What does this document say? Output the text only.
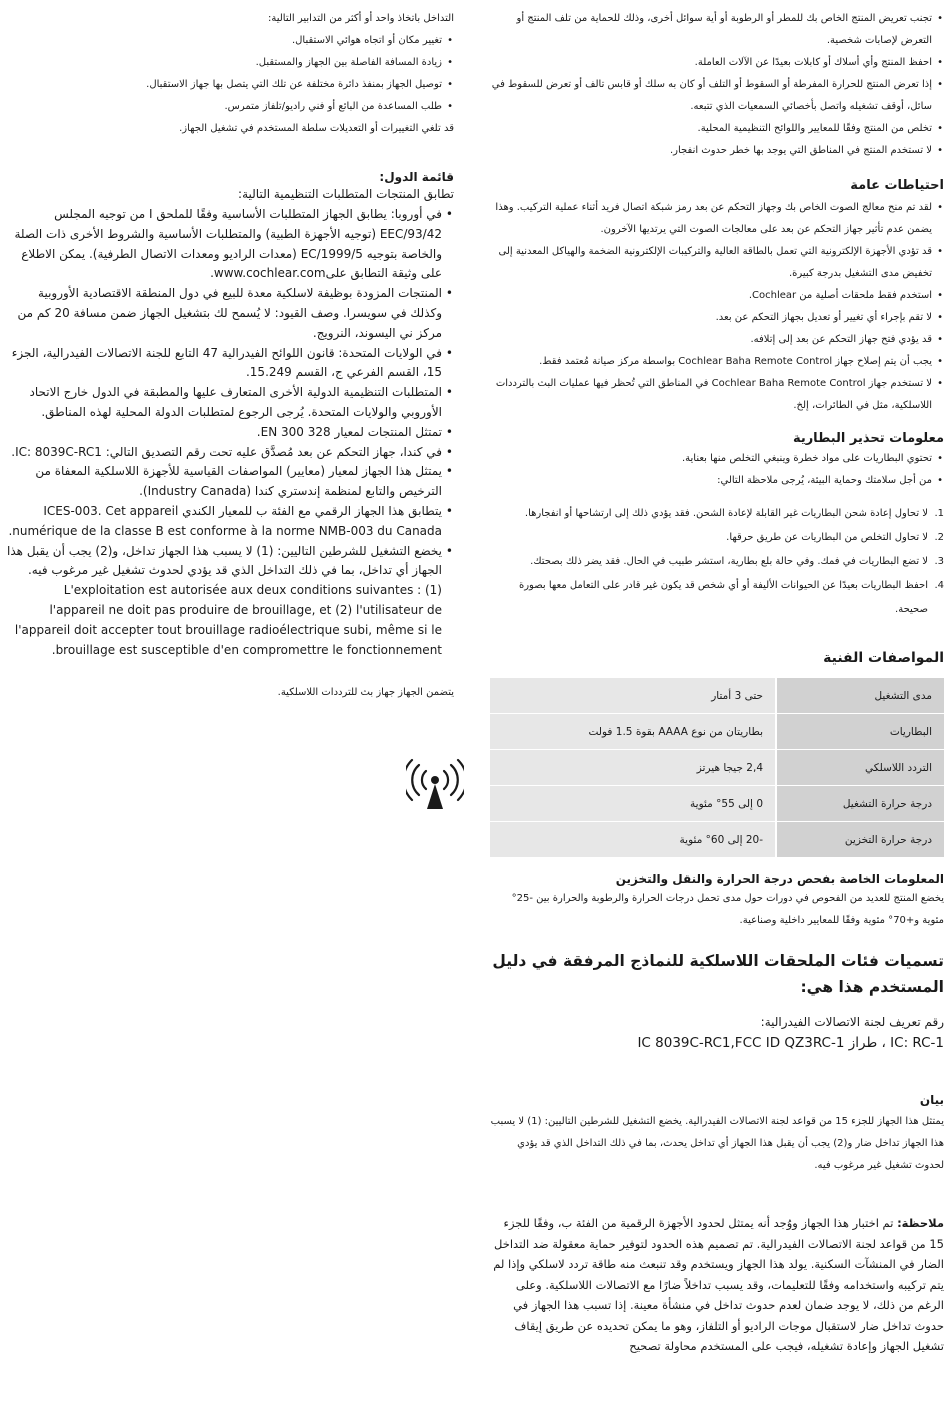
• تجنب تعريض المنتج الخاص بك للمطر أو الرطوبة أو أية سوائل أخرى، وذلك للحماية من تلف المنتج أو التعرض لإصابات شخصية.
• احفظ المنتج وأي أسلاك أو كابلات بعيدًا عن الآلات العاملة.
• إذا تعرض المنتج للحرارة المفرطة أو السقوط أو التلف أو كان به سلك أو قابس تالف أو تعرض للسقوط في سائل، أوقف تشغيله واتصل بأخصائي السمعيات الذي تتبعه.
• تخلص من المنتج وفقًا للمعايير واللوائح التنظيمية المحلية.
• لا تستخدم المنتج في المناطق التي يوجد بها خطر حدوث انفجار.
احتياطات عامة
• لقد تم منح معالج الصوت الخاص بك وجهاز التحكم عن بعد رمز شبكة اتصال فريد أثناء عملية التركيب. وهذا يضمن عدم تأثير جهاز التحكم عن بعد على معالجات الصوت التي يرتديها الآخرون.
• قد تؤدي الأجهزة الإلكترونية التي تعمل بالطاقة العالية والتركيبات الإلكترونية الضخمة والهياكل المعدنية إلى تخفيض مدى التشغيل بدرجة كبيرة.
• استخدم فقط ملحقات أصلية من Cochlear.
• لا تقم بإجراء أي تغيير أو تعديل بجهاز التحكم عن بعد.
• قد يؤدي فتح جهاز التحكم عن بعد إلى إتلافه.
• يجب أن يتم إصلاح جهاز Cochlear Baha Remote Control بواسطة مركز صيانة مُعتمد فقط.
• لا تستخدم جهاز Cochlear Baha Remote Control في المناطق التي تُحظر فيها عمليات البث بالترددات اللاسلكية، مثل في الطائرات، إلخ.
معلومات تحذير البطارية
• تحتوي البطاريات على مواد خطرة وينبغي التخلص منها بعناية.
• من أجل سلامتك وحماية البيئة، يُرجى ملاحظة التالي:
1.
لا تحاول إعادة شحن البطاريات غير القابلة لإعادة الشحن. فقد يؤدي ذلك إلى ارتشاحها أو انفجارها.
2.
لا تحاول التخلص من البطاريات عن طريق حرقها.
3.
لا تضع البطاريات في فمك. وفي حالة بلع بطارية، استشر طبيب في الحال. فقد يضر ذلك بصحتك.
4.
احفظ البطاريات بعيدًا عن الحيوانات الأليفة أو أي شخص قد يكون غير قادر على التعامل معها بصورة صحيحة.
المواصفات الفنية
مدى التشغيل	حتى 3 أمتار
البطاريات	بطاريتان من نوع AAAA بقوة 1.5 فولت
التردد اللاسلكي	2,4 جيجا هيرتز
درجة حرارة التشغيل	0 إلى 55° مئوية
درجة حرارة التخزين	-20 إلى 60° مئوية
المعلومات الخاصة بفحص درجة الحرارة والنقل والتخزين

يخضع المنتج للعديد من الفحوص في دورات حول مدى تحمل درجات الحرارة والرطوبة والحرارة بين -25° مئوية و+70° مئوية وفقًا للمعايير داخلية وصناعية.

تسميات فئات الملحقات اللاسلكية للنماذج المرفقة في دليل المستخدم هذا هي:

رقم تعريف لجنة الاتصالات الفيدرالية:

IC: RC-1 ، طراز IC 8039C-RC1,FCC ID QZ3RC-1

بيان

يمتثل هذا الجهاز للجزء 15 من قواعد لجنة الاتصالات الفيدرالية. يخضع التشغيل للشرطين التاليين: (1) لا يسبب هذا الجهاز تداخل ضار و(2) يجب أن يقبل هذا الجهاز أي تداخل يحدث، بما في ذلك التداخل الذي قد يؤدي لحدوث تشغيل غير مرغوب فيه.

ملاحظة: تم اختبار هذا الجهاز ووُجد أنه يمتثل لحدود الأجهزة الرقمية من الفئة ب، وفقًا للجزء 15 من قواعد لجنة الاتصالات الفيدرالية. تم تصميم هذه الحدود لتوفير حماية معقولة ضد التداخل الضار في المنشآت السكنية. يولد هذا الجهاز ويستخدم وقد تنبعث منه طاقة تردد لاسلكي وإذا لم يتم تركيبه واستخدامه وفقًا للتعليمات، وقد يسبب تداخلاً ضارًا مع الاتصالات اللاسلكية. وعلى الرغم من ذلك، لا يوجد ضمان لعدم حدوث تداخل في منشأة معينة. إذا تسبب هذا الجهاز في حدوث تداخل ضار لاستقبال موجات الراديو أو التلفاز، وهو ما يمكن تحديده عن طريق إيقاف تشغيل الجهاز وإعادة تشغيله، فيجب على المستخدم محاولة تصحيح

التداخل باتخاذ واحد أو أكثر من التدابير التالية:

• تغيير مكان أو اتجاه هوائي الاستقبال.
• زيادة المسافة الفاصلة بين الجهاز والمستقبل.
• توصيل الجهاز بمنفذ دائرة مختلفة عن تلك التي يتصل بها جهاز الاستقبال.
• طلب المساعدة من البائع أو فني راديو/تلفاز متمرس.

قد تلغي التغييرات أو التعديلات سلطة المستخدم في تشغيل الجهاز.

قائمة الدول:

تطابق المنتجات المتطلبات التنظيمية التالية:

• في أوروبا: يطابق الجهاز المتطلبات الأساسية وفقًا للملحق I من توجيه المجلس 93/42/EEC (توجيه الأجهزة الطبية) والمتطلبات الأساسية والشروط الأخرى ذات الصلة والخاصة بتوجيه 1999/5/EC (معدات الراديو ومعدات الاتصال الطرفية). يمكن الاطلاع على وثيقة التطابق علىwww.cochlear.com.
• المنتجات المزودة بوظيفة لاسلكية معدة للبيع في دول المنطقة الاقتصادية الأوروبية وكذلك في سويسرا. وصف القيود: لا يُسمح لك بتشغيل الجهاز ضمن مسافة 20 كم من مركز ني اليسوند، النرويج.
• في الولايات المتحدة: قانون اللوائح الفيدرالية 47 التابع للجنة الاتصالات الفيدرالية، الجزء 15، القسم الفرعي ج، القسم 15.249.
• المتطلبات التنظيمية الدولية الأخرى المتعارف عليها والمطبقة في الدول خارج الاتحاد الأوروبي والولايات المتحدة. يُرجى الرجوع لمتطلبات الدولة المحلية لهذه المناطق.
• تمتثل المنتجات لمعيار EN 300 328.
• في كندا، جهاز التحكم عن بعد مُصدَّق عليه تحت رقم التصديق التالي: IC: 8039C-RC1.
• يمتثل هذا الجهاز لمعيار (معايير) المواصفات القياسية للأجهزة اللاسلكية المعفاة من الترخيص والتابع لمنظمة إندستري كندا (Industry Canada).
• يتطابق هذا الجهاز الرقمي مع الفئة ب للمعيار الكندي ICES-003. Cet appareil numérique de la classe B est conforme à la norme NMB-003 du Canada.
• يخضع التشغيل للشرطين التاليين: (1) لا يسبب هذا الجهاز تداخل، و(2) يجب أن يقبل هذا الجهاز أي تداخل، بما في ذلك التداخل الذي قد يؤدي لحدوث تشغيل غير مرغوب فيه. L'exploitation est autorisée aux deux conditions suivantes : (1) l'appareil ne doit pas produire de brouillage, et (2) l'utilisateur de l'appareil doit accepter tout brouillage radioélectrique subi, même si le brouillage est susceptible d'en compromettre le fonctionnement.

يتضمن الجهاز جهاز بث للترددات اللاسلكية.
